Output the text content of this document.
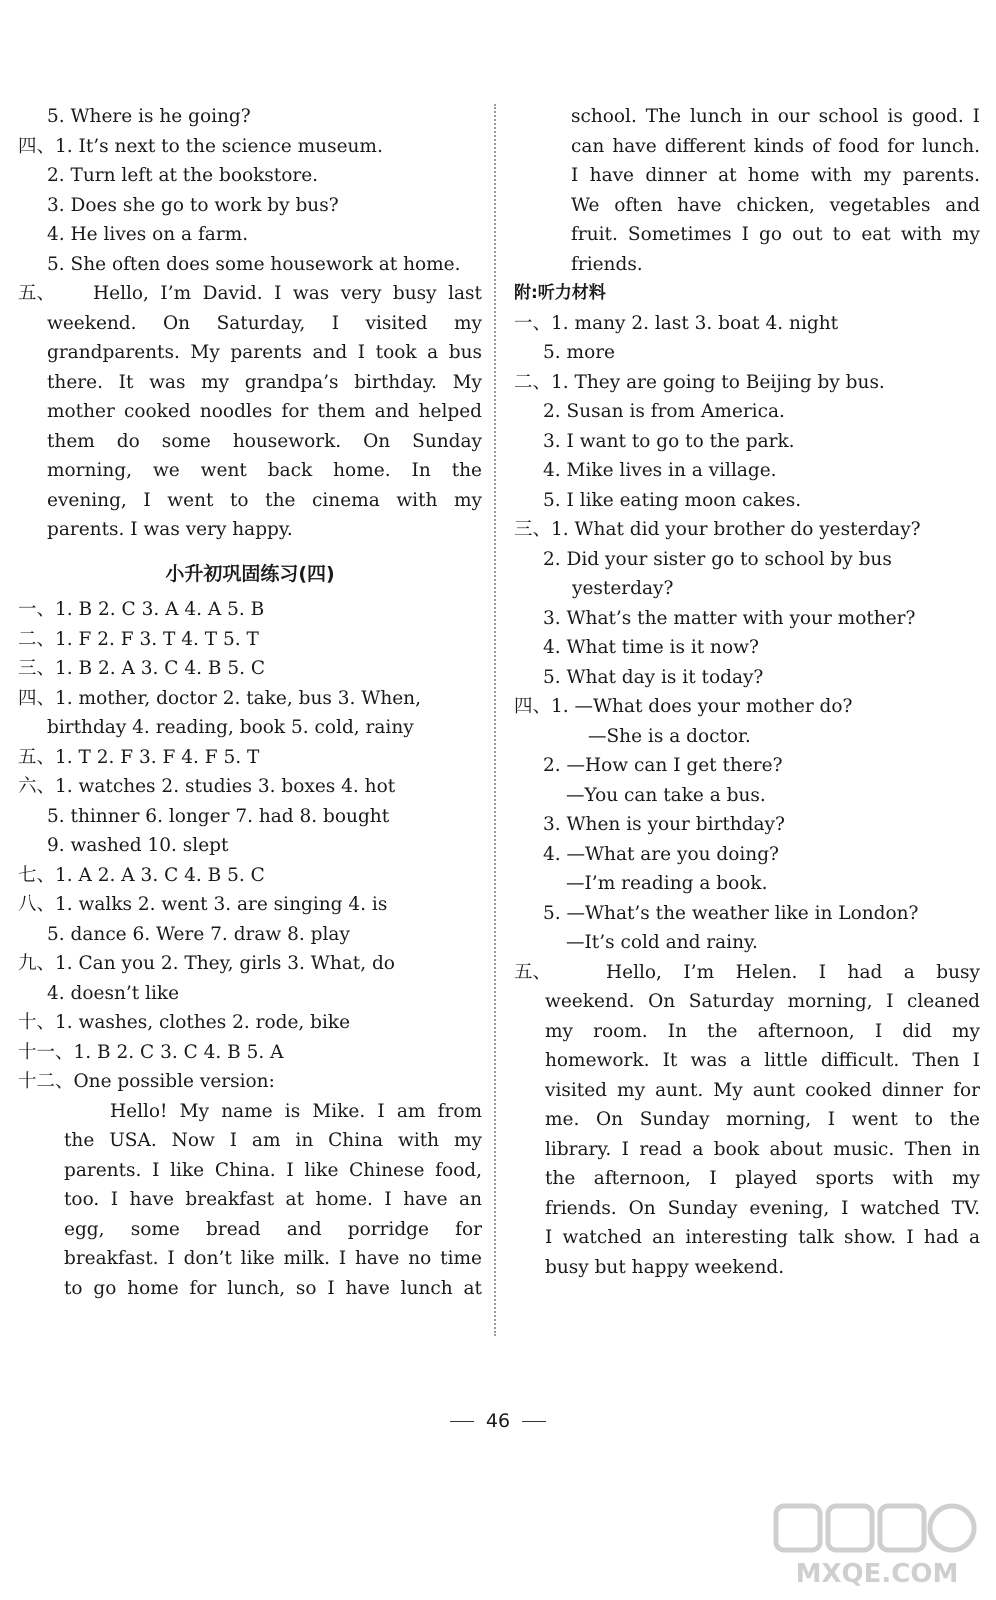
5. Where is he going?
四、1. It’s next to the science museum.
2. Turn left at the bookstore.
3. Does she go to work by bus?
4. He lives on a farm.
5. She often does some housework at home.
五、	Hello, I’m David. I was very busy last
weekend. On Saturday, I visited my
grandparents. My parents and I took a bus
there. It was my grandpa’s birthday. My
mother cooked noodles for them and helped
them do some housework. On Sunday
morning, we went back home. In the
evening, I went to the cinema with my
parents. I was very happy.
小升初巩固练习(四)
一、1. B 2. C 3. A 4. A 5. B
二、1. F 2. F 3. T 4. T 5. T
三、1. B 2. A 3. C 4. B 5. C
四、1. mother, doctor 2. take, bus 3. When,
birthday 4. reading, book 5. cold, rainy
五、1. T 2. F 3. F 4. F 5. T
六、1. watches 2. studies 3. boxes 4. hot
5. thinner 6. longer 7. had 8. bought
9. washed 10. slept
七、1. A 2. A 3. C 4. B 5. C
八、1. walks 2. went 3. are singing 4. is
5. dance 6. Were 7. draw 8. play
九、1. Can you 2. They, girls 3. What, do
4. doesn’t like
十、1. washes, clothes 2. rode, bike
十一、1. B 2. C 3. C 4. B 5. A
十二、One possible version:
Hello! My name is Mike. I am from
the USA. Now I am in China with my
parents. I like China. I like Chinese food,
too. I have breakfast at home. I have an
egg, some bread and porridge for
breakfast. I don’t like milk. I have no time
to go home for lunch, so I have lunch at
school. The lunch in our school is good. I
can have different kinds of food for lunch.
I have dinner at home with my parents.
We often have chicken, vegetables and
fruit. Sometimes I go out to eat with my
friends.
附:听力材料
一、1. many 2. last 3. boat 4. night
5. more
二、1. They are going to Beijing by bus.
2. Susan is from America.
3. I want to go to the park.
4. Mike lives in a village.
5. I like eating moon cakes.
三、1. What did your brother do yesterday?
2. Did your sister go to school by bus
yesterday?
3. What’s the matter with your mother?
4. What time is it now?
5. What day is it today?
四、1. —What does your mother do?
—She is a doctor.
2. —How can I get there?
—You can take a bus.
3. When is your birthday?
4. —What are you doing?
—I’m reading a book.
5. —What’s the weather like in London?
—It’s cold and rainy.
五、	Hello, I’m Helen. I had a busy
weekend. On Saturday morning, I cleaned
my room. In the afternoon, I did my
homework. It was a little difficult. Then I
visited my aunt. My aunt cooked dinner for
me. On Sunday morning, I went to the
library. I read a book about music. Then in
the afternoon, I played sports with my
friends. On Sunday evening, I watched TV.
I watched an interesting talk show. I had a
busy but happy weekend.
46
MXQE.COM
